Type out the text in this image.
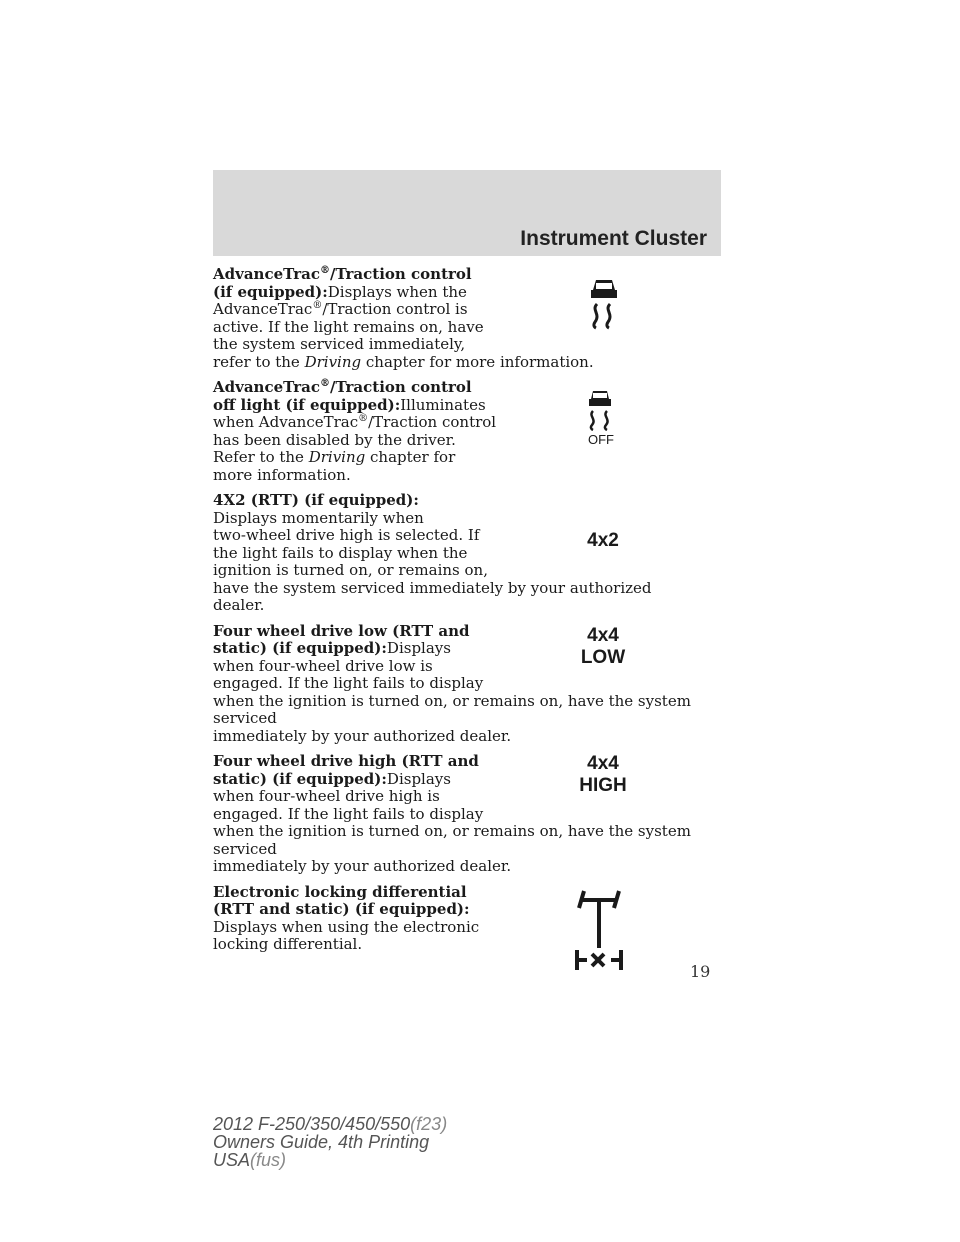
Instrument Cluster
AdvanceTrac®/Traction control
(if equipped):Displays when the
AdvanceTrac®/Traction control is
active. If the light remains on, have
the system serviced immediately,
refer to the Driving chapter for more information.
AdvanceTrac®/Traction control
off light (if equipped):Illuminates
when AdvanceTrac®/Traction control
has been disabled by the driver.
Refer to the Driving chapter for
more information.
OFF
4X2 (RTT) (if equipped):
Displays momentarily when
two-wheel drive high is selected. If
the light fails to display when the
ignition is turned on, or remains on,
have the system serviced immediately by your authorized dealer.
4x2
Four wheel drive low (RTT and
static) (if equipped):Displays
when four-wheel drive low is
engaged. If the light fails to display
when the ignition is turned on, or remains on, have the system serviced
immediately by your authorized dealer.
4x4
LOW
Four wheel drive high (RTT and
static) (if equipped):Displays
when four-wheel drive high is
engaged. If the light fails to display
when the ignition is turned on, or remains on, have the system serviced
immediately by your authorized dealer.
4x4
HIGH
Electronic locking differential
(RTT and static) (if equipped):
Displays when using the electronic
locking differential.
19
2012 F-250/350/450/550(f23)
Owners Guide, 4th Printing
USA(fus)
